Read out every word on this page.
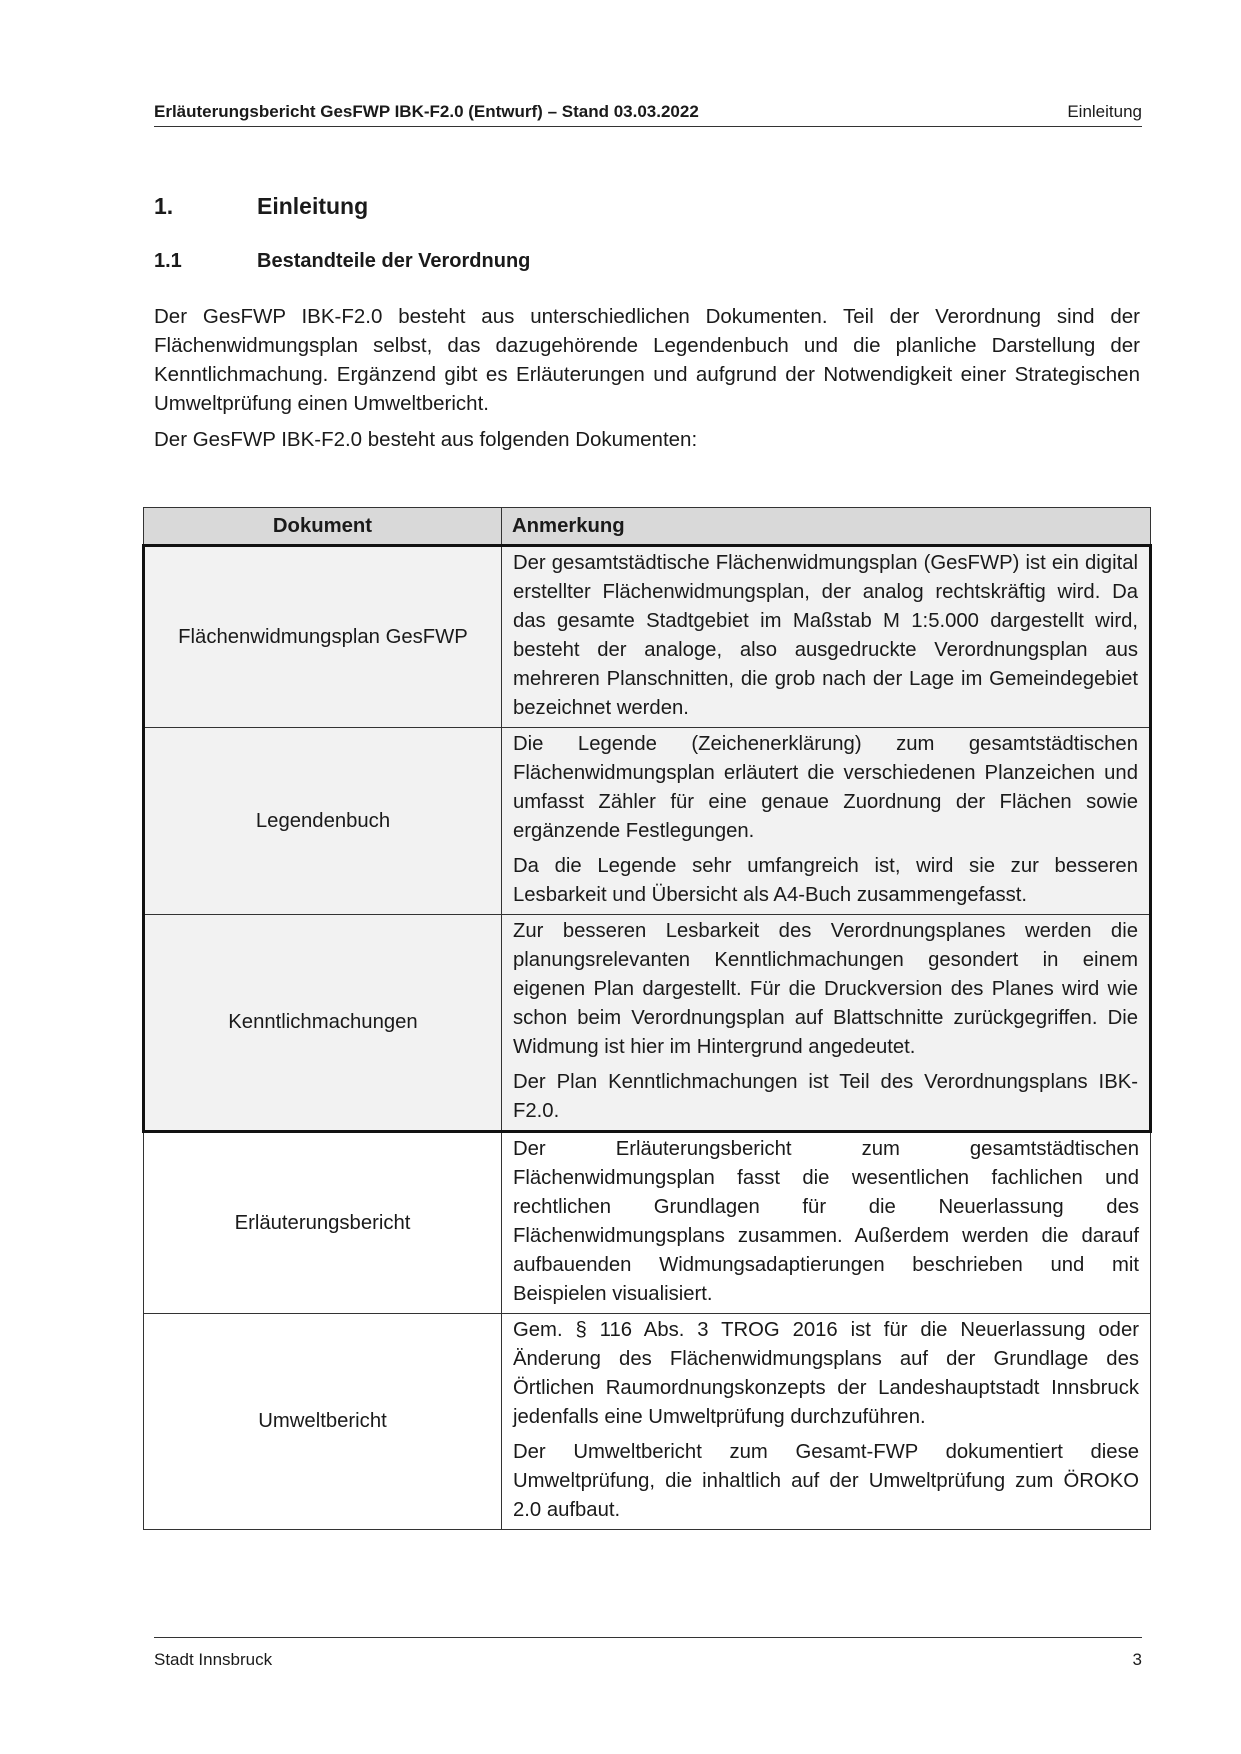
Erläuterungsbericht GesFWP IBK-F2.0 (Entwurf) – Stand 03.03.2022	Einleitung
1.	Einleitung
1.1	Bestandteile der Verordnung

Der GesFWP IBK-F2.0 besteht aus unterschiedlichen Dokumenten. Teil der Verordnung sind der Flächenwidmungsplan selbst, das dazugehörende Legendenbuch und die planliche Darstellung der Kenntlichmachung. Ergänzend gibt es Erläuterungen und aufgrund der Notwendigkeit einer Strategischen Umweltprüfung einen Umweltbericht.

Der GesFWP IBK-F2.0 besteht aus folgenden Dokumenten:

Dokument	Anmerkung
Flächenwidmungsplan GesFWP	Der gesamtstädtische Flächenwidmungsplan (GesFWP) ist ein digital erstellter Flächenwidmungsplan, der analog rechtskräftig wird. Da das gesamte Stadtgebiet im Maßstab M 1:5.000 dargestellt wird, besteht der analoge, also ausgedruckte Verordnungsplan aus mehreren Planschnitten, die grob nach der Lage im Gemeindegebiet bezeichnet werden.

Legendenbuch	Die Legende (Zeichenerklärung) zum gesamtstädtischen Flächenwidmungsplan erläutert die verschiedenen Planzeichen und umfasst Zähler für eine genaue Zuordnung der Flächen sowie ergänzende Festlegungen.

Da die Legende sehr umfangreich ist, wird sie zur besseren Lesbarkeit und Übersicht als A4-Buch zusammengefasst.

Kenntlichmachungen	Zur besseren Lesbarkeit des Verordnungsplanes werden die planungsrelevanten Kenntlichmachungen gesondert in einem eigenen Plan dargestellt. Für die Druckversion des Planes wird wie schon beim Verordnungsplan auf Blattschnitte zurückgegriffen. Die Widmung ist hier im Hintergrund angedeutet.

Der Plan Kenntlichmachungen ist Teil des Verordnungsplans IBK-F2.0.

Erläuterungsbericht	Der Erläuterungsbericht zum gesamtstädtischen Flächenwidmungsplan fasst die wesentlichen fachlichen und rechtlichen Grundlagen für die Neuerlassung des Flächenwidmungsplans zusammen. Außerdem werden die darauf aufbauenden Widmungsadaptierungen beschrieben und mit Beispielen visualisiert.

Umweltbericht	Gem. § 116 Abs. 3 TROG 2016 ist für die Neuerlassung oder Änderung des Flächenwidmungsplans auf der Grundlage des Örtlichen Raumordnungskonzepts der Landeshauptstadt Innsbruck jedenfalls eine Umweltprüfung durchzuführen.

Der Umweltbericht zum Gesamt-FWP dokumentiert diese Umweltprüfung, die inhaltlich auf der Umweltprüfung zum ÖROKO 2.0 aufbaut.

Stadt Innsbruck	3
